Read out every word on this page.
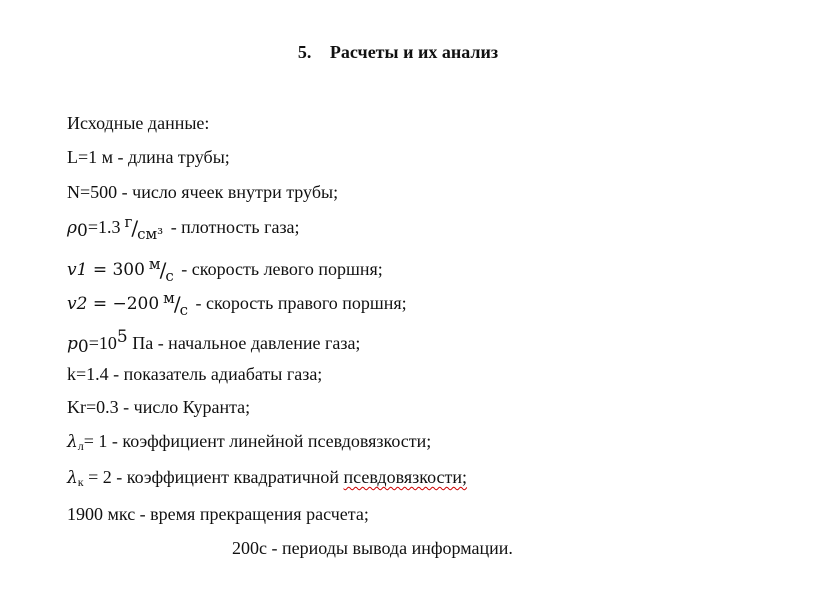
5. Расчеты и их анализ
Исходные данные:
L=1 м - длина трубы;
N=500 - число ячеек внутри трубы;
$\rho_0=1.3$ г/см³ - плотность газа;
v1 = 300 м/с - скорость левого поршня;
v2 = −200 м/с - скорость правого поршня;
$p_0=10^5$ Па - начальное давление газа;
k=1.4 - показатель адиабаты газа;
Kr=0.3 - число Куранта;
$\lambda_л= 1$ - коэффициент линейной псевдовязкости;
$\lambda_к = 2$ - коэффициент квадратичной псевдовязкости;
1900 мкс - время прекращения расчета;
200с - периоды вывода информации.
